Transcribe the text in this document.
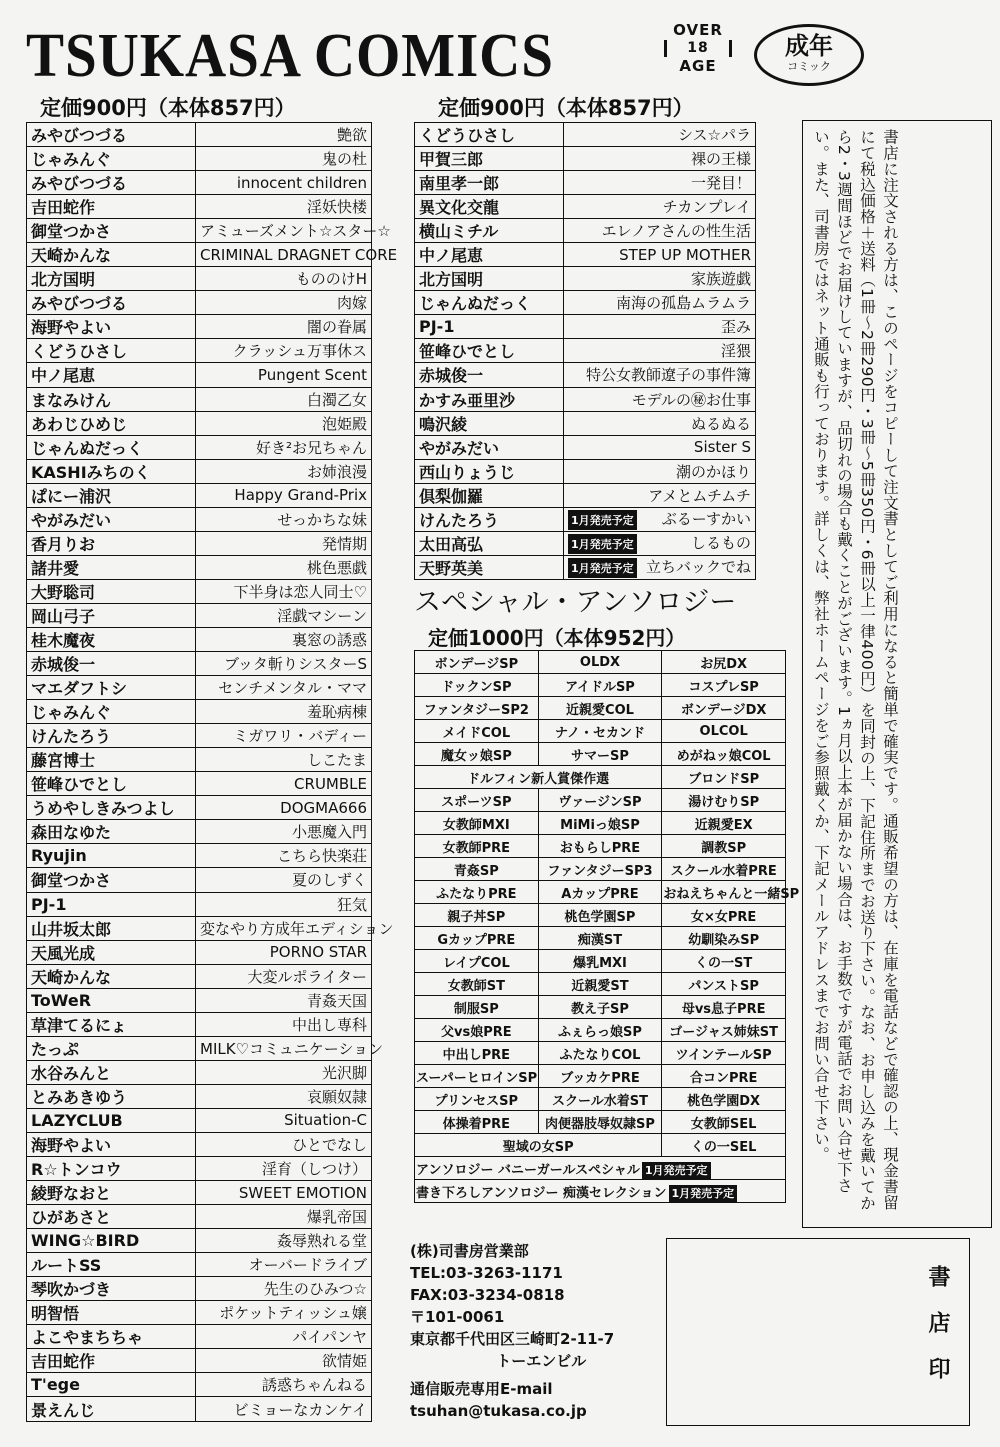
TSUKASA COMICS	OVER
18
AGE
成年
コミック
定価900円（本体857円）	定価900円（本体857円）
みやびつづる	艶欲
じゃみんぐ	鬼の杜
みやびつづる	innocent children
吉田蛇作	淫妖快楼
御堂つかさ	アミューズメント☆スター☆
天崎かんな	CRIMINAL DRAGNET CORE
北方国明	もののけH
みやびつづる	肉嫁
海野やよい	闇の眷属
くどうひさし	クラッシュ万事休ス
中ノ尾恵	Pungent Scent
まなみけん	白濁乙女
あわじひめじ	泡姫殿
じゃんぬだっく	好き²お兄ちゃん
KASHIみちのく	お姉浪漫
ぱにー浦沢	Happy Grand-Prix
やがみだい	せっかちな妹
香月りお	発情期
諸井愛	桃色悪戯
大野聡司	下半身は恋人同士♡
岡山弓子	淫戯マシーン
桂木魔夜	裏窓の誘惑
赤城俊一	ブッタ斬りシスターS
マエダフトシ	センチメンタル・ママ
じゃみんぐ	羞恥病棟
けんたろう	ミガワリ・バディー
藤宮博士	しこたま
笹峰ひでとし	CRUMBLE
うめやしきみつよし	DOGMA666
森田なゆた	小悪魔入門
Ryujin	こちら快楽荘
御堂つかさ	夏のしずく
PJ-1	狂気
山井坂太郎	変なやり方成年エディション
天風光成	PORNO STAR
天崎かんな	大変ルポライター
ToWeR	青姦天国
草津てるにょ	中出し専科
たっぷ	MILK♡コミュニケーション
水谷みんと	光沢脚
とみあきゆう	哀願奴隷
LAZYCLUB	Situation-C
海野やよい	ひとでなし
R☆トンコウ	淫育（しつけ）
綾野なおと	SWEET EMOTION
ひがあさと	爆乳帝国
WING☆BIRD	姦辱熟れる堂
ルートSS	オーバードライブ
琴吹かづき	先生のひみつ☆
明智悟	ポケットティッシュ嬢
よこやまちちゃ	パイパンヤ
吉田蛇作	欲情姫
T'ege	誘惑ちゃんねる
景えんじ	ビミョーなカンケイ
くどうひさし	シス☆パラ
甲賀三郎	裸の王様
南里孝一郎	一発目！
異文化交龍	チカンプレイ
横山ミチル	エレノアさんの性生活
中ノ尾恵	STEP UP MOTHER
北方国明	家族遊戯
じゃんぬだっく	南海の孤島ムラムラ
PJ-1	歪み
笹峰ひでとし	淫猥
赤城俊一	特公女教師遼子の事件簿
かすみ亜里沙	モデルの㊙お仕事
鳴沢綾	ぬるぬる
やがみだい	Sister S
西山りょうじ	潮のかほり
倶梨伽羅	アメとムチムチ
けんたろう	1月発売予定 ぶるーすかい
太田高弘	1月発売予定 しるもの
天野英美	1月発売予定 立ちバックでね
スペシャル・アンソロジー
定価1000円（本体952円）
ボンデージSP	OLDX	お尻DX
ドックンSP	アイドルSP	コスプレSP
ファンタジーSP2	近親愛COL	ボンデージDX
メイドCOL	ナノ・セカンド	OLCOL
魔女ッ娘SP	サマーSP	めがねッ娘COL
ドルフィン新人賞傑作選		ブロンドSP
スポーツSP	ヴァージンSP	湯けむりSP
女教師MXI	MiMiっ娘SP	近親愛EX
女教師PRE	おもらしPRE	調教SP
青姦SP	ファンタジーSP3	スクール水着PRE
ふたなりPRE	AカップPRE	おねえちゃんと一緒SP
親子丼SP	桃色学園SP	女×女PRE
GカップPRE	痴漢ST	幼馴染みSP
レイプCOL	爆乳MXI	くの一ST
女教師ST	近親愛ST	パンストSP
制服SP	教え子SP	母vs息子PRE
父vs娘PRE	ふぇらっ娘SP	ゴージャス姉妹ST
中出しPRE	ふたなりCOL	ツインテールSP
スーパーヒロインSP	ブッカケPRE	合コンPRE
プリンセスSP	スクール水着ST	桃色学園DX
体操着PRE	肉便器肢辱奴隷SP	女教師SEL
聖域の女SP		くの一SEL
アンソロジー バニーガールスペシャル 1月発売予定		
書き下ろしアンソロジー 痴漢セレクション 1月発売予定			書店に注文される方は、このページをコピーして注文書としてご利用になると簡単で確実です。通販希望の方は、在庫を電話などで確認の上、現金書留にて税込価格＋送料（1冊〜2冊290円・3冊〜5冊350円・6冊以上一律400円）を同封の上、下記住所までお送り下さい。なお、お申し込みを戴いてから2・3週間ほどでお届けしていますが、品切れの場合も戴くことがございます。1ヵ月以上本が届かない場合は、お手数ですが電話でお問い合せ下さい。また、司書房ではネット通販も行っております。詳しくは、弊社ホームページをご参照戴くか、下記メールアドレスまでお問い合せ下さい。

(株)司書房営業部
TEL:03-3263-1171
FAX:03-3234-0818
〒101-0061
東京都千代田区三崎町2-11-7
トーエンビル
通信販売専用E-mail
tsuhan@tukasa.co.jp
書店印
